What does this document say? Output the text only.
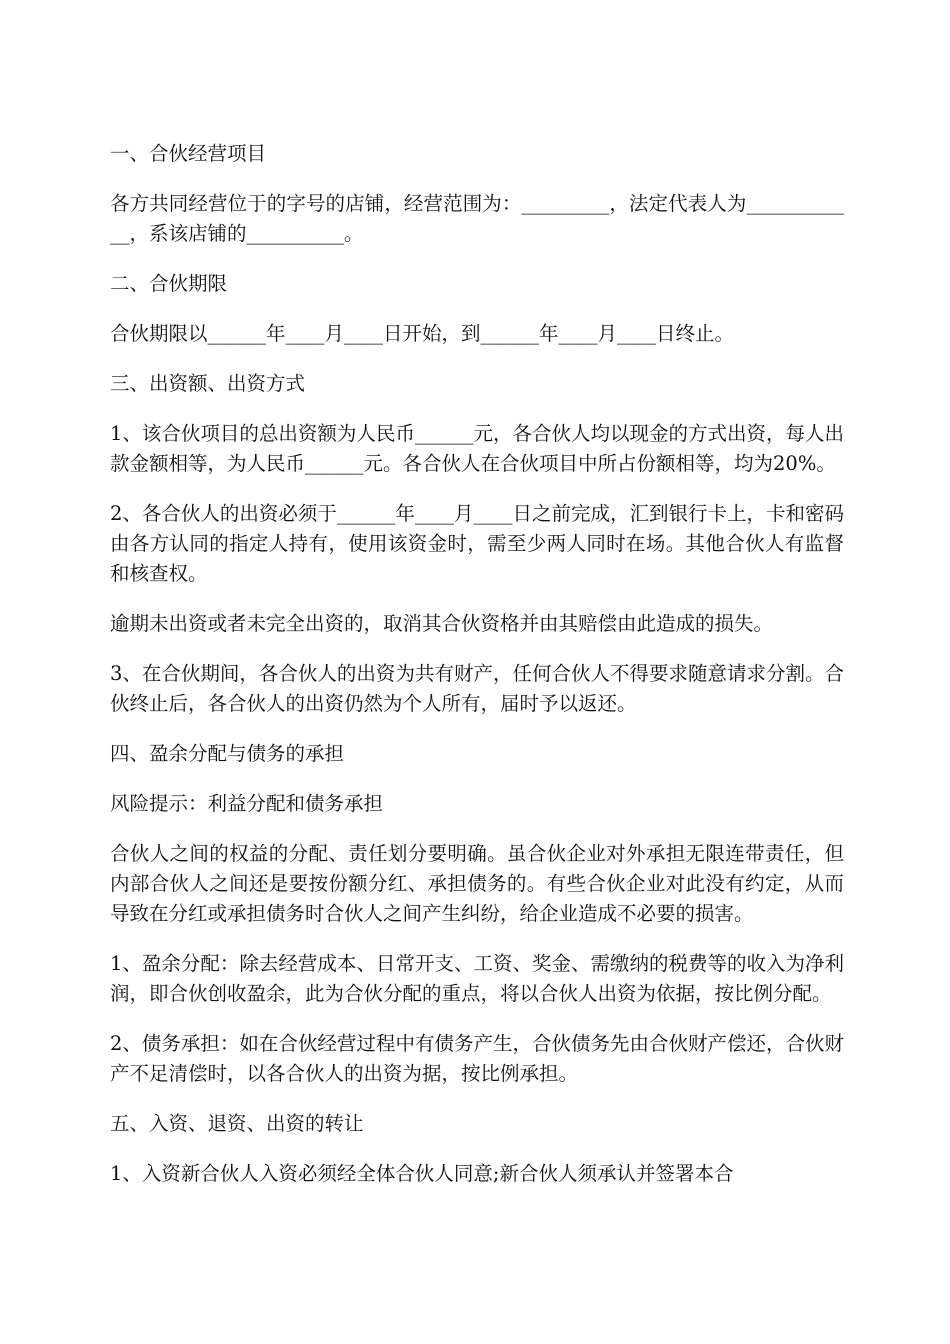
一、合伙经营项目

各方共同经营位于的字号的店铺，经营范围为：_________，法定代表人为____________，系该店铺的__________。

二、合伙期限

合伙期限以______年____月____日开始，到______年____月____日终止。

三、出资额、出资方式

1、该合伙项目的总出资额为人民币______元，各合伙人均以现金的方式出资，每人出款金额相等，为人民币______元。各合伙人在合伙项目中所占份额相等，均为20%。

2、各合伙人的出资必须于______年____月____日之前完成，汇到银行卡上，卡和密码由各方认同的指定人持有，使用该资金时，需至少两人同时在场。其他合伙人有监督和核查权。

逾期未出资或者未完全出资的，取消其合伙资格并由其赔偿由此造成的损失。

3、在合伙期间，各合伙人的出资为共有财产，任何合伙人不得要求随意请求分割。合伙终止后，各合伙人的出资仍然为个人所有，届时予以返还。

四、盈余分配与债务的承担

风险提示：利益分配和债务承担

合伙人之间的权益的分配、责任划分要明确。虽合伙企业对外承担无限连带责任，但内部合伙人之间还是要按份额分红、承担债务的。有些合伙企业对此没有约定，从而导致在分红或承担债务时合伙人之间产生纠纷，给企业造成不必要的损害。

1、盈余分配：除去经营成本、日常开支、工资、奖金、需缴纳的税费等的收入为净利润，即合伙创收盈余，此为合伙分配的重点，将以合伙人出资为依据，按比例分配。

2、债务承担：如在合伙经营过程中有债务产生，合伙债务先由合伙财产偿还，合伙财产不足清偿时，以各合伙人的出资为据，按比例承担。

五、入资、退资、出资的转让

1、入资新合伙人入资必须经全体合伙人同意;新合伙人须承认并签署本合
